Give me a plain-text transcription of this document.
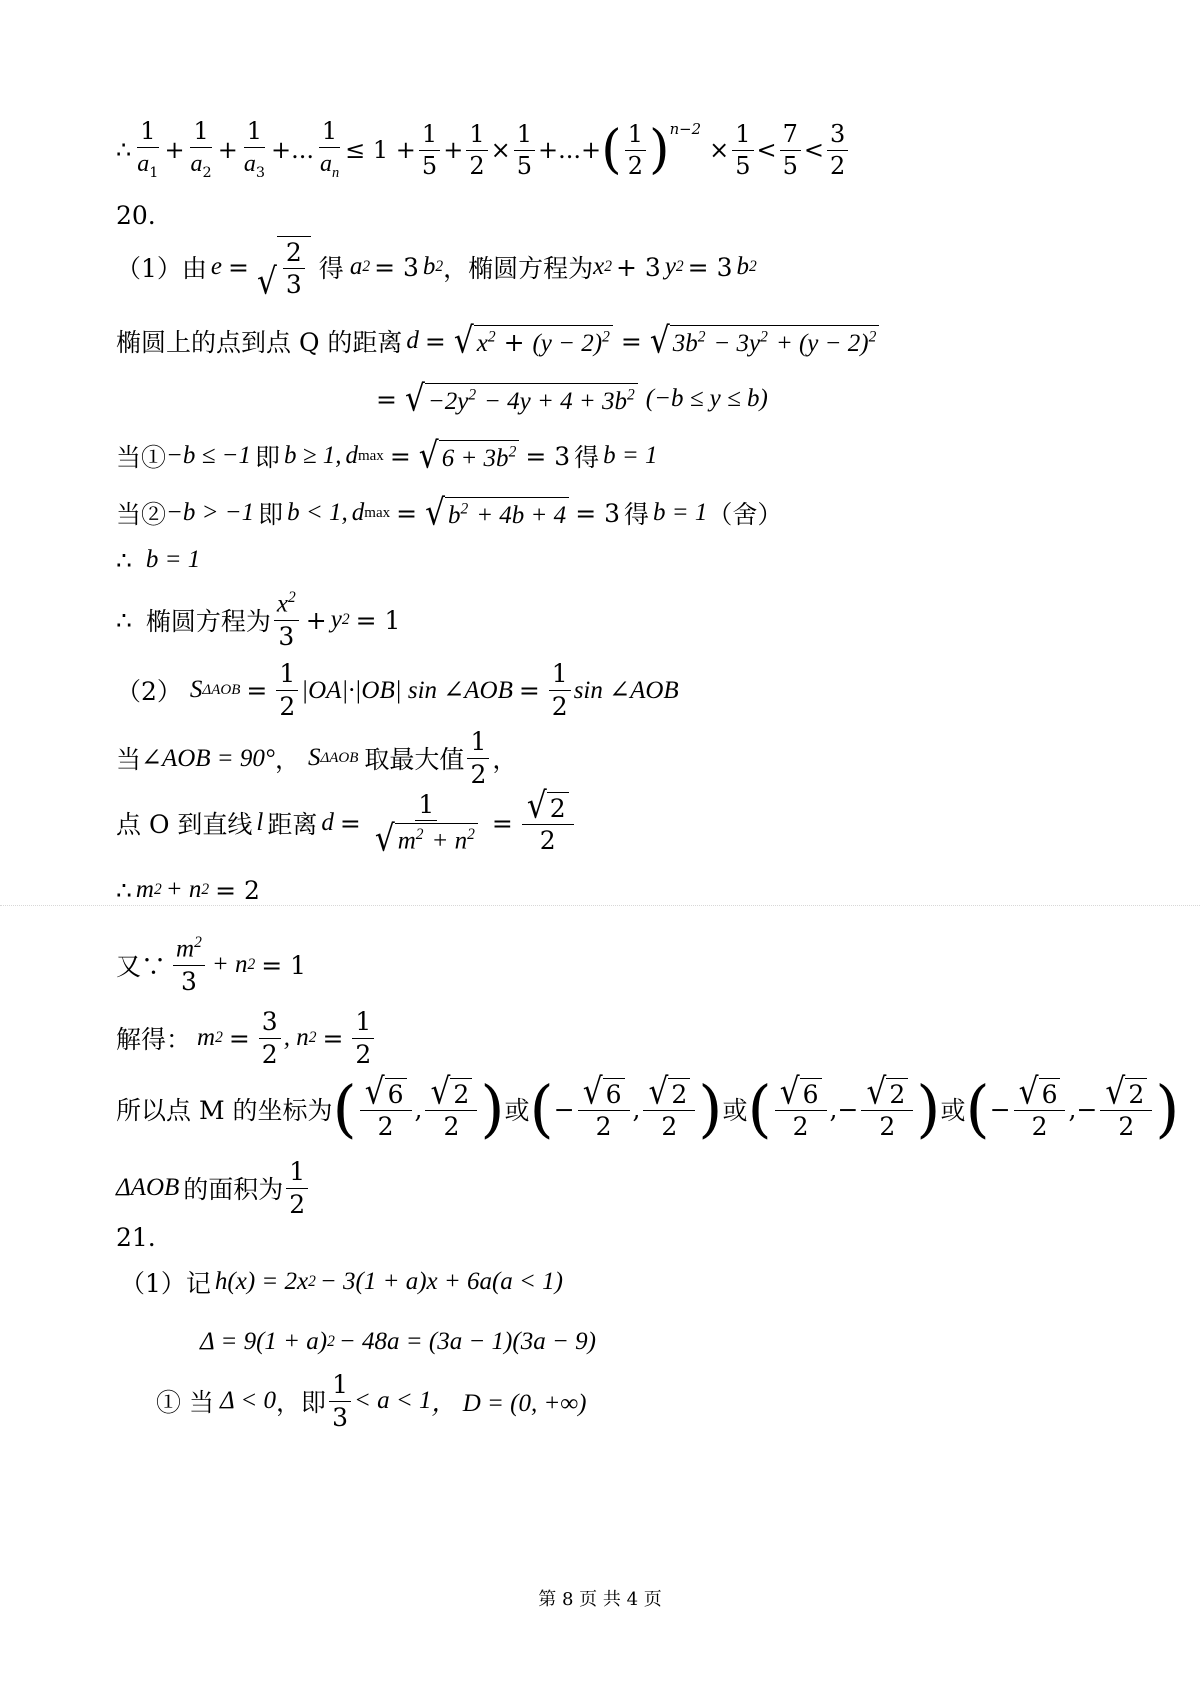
∴
1
$a_1$
+ $\frac{1}{a_2} + \frac{1}{a_3}$ + ... $\frac{1}{a_n} \le 1 + \frac{1}{5} + \frac{1}{2} \times \frac{1}{5}$ + ... + ( 1
2 ) n−2
× $\frac{1}{5}$ <
7
5
<
3
2
20.
（1）由 e = √ $\frac{2}{3}$ 得 a 2 = 3 b 2 ，椭圆方程为 x 2 + 3 y 2 = 3 b 2
椭圆上的点到点 Q 的距离 d = √ $x^2 + (y - 2)^2$ = √ $3b^2 - 3y^2 + (y - 2)^2$
= √ $-2y^2 - 4y + 4 + 3b^2$ (−b ≤ y ≤ b)
当① −b ≤ −1 即 b ≥ 1, d max = √ $6 + 3b^2 = 3$ 得 b = 1
当② −b > −1 即 b < 1, d max = √ $b^2 + 4b + 4 = 3$ 得 b = 1 （舍）
∴ b = 1
∴ 椭圆方程为
$x^2$
3
+ y 2 = 1
（2） S $\Delta AOB = \frac{1}{2} |OA|\cdot|OB|$ sin ∠AOB = $\frac{1}{2}$ sin ∠AOB
当 ∠AOB = 90° ， S ΔAOB 取最大值
1
2 ，
点 O 到直线 l 距离 $d = \frac{1}{√ m^2 + n^2} = \frac{√ 2}{2}$
∴ m 2 + n 2 = 2
又∵
$m^2$
3
+ n 2 = 1
解得： m $2 = \frac{3}{2}$ , n $2 = \frac{1}{2}$
所以点 M 的坐标为 ( √ 6
2
, √ 2
2 ) 或 ( − $\frac{√ 6}{2}$ , √ 2
2 ) 或 ( √ 6
2
, − $\frac{√ 2}{2}$ ) 或 ( − $\frac{√ 6}{2}$ , − $\frac{√ 2}{2}$ )
ΔAOB 的面积为
1
2
21.
（1）记 h (x) = 2x 2 − 3(1 + a)x + 6a(a < 1)
Δ = 9(1 + a) 2 − 48a = (3a − 1)(3a − 9)
① 当 Δ < 0 ，即
1
3
< a < 1 ， D = (0, +∞)
第 8 页 共 4 页
